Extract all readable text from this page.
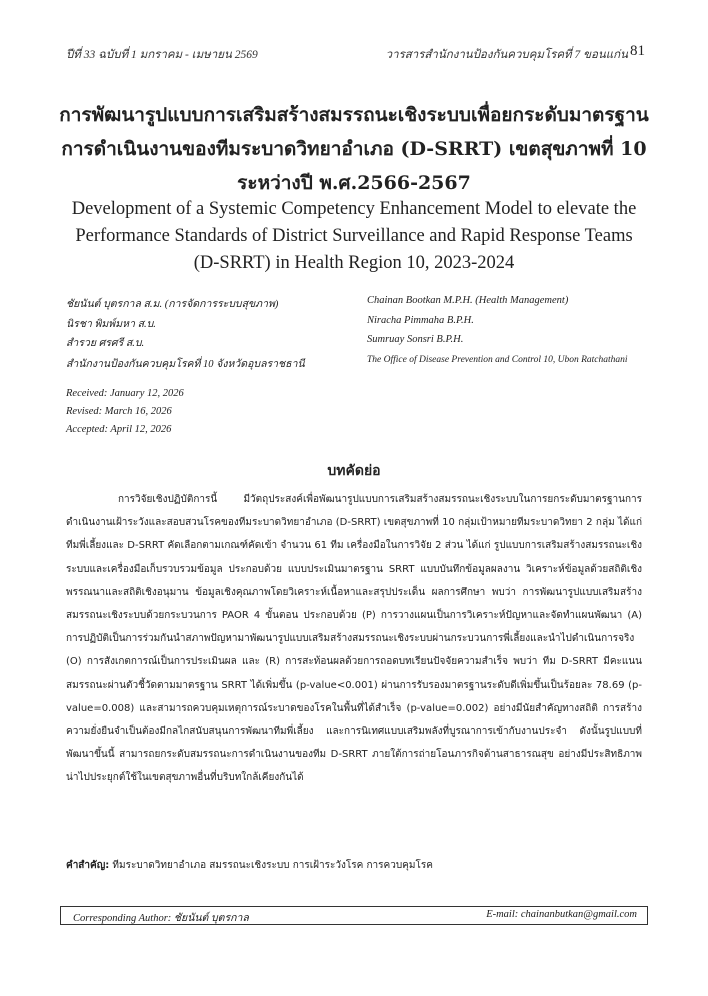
ปีที่ 33 ฉบับที่ 1 มกราคม - เมษายน 2569	วารสารสำนักงานป้องกันควบคุมโรคที่ 7 ขอนแก่น 81
การพัฒนารูปแบบการเสริมสร้างสมรรถนะเชิงระบบเพื่อยกระดับมาตรฐาน
การดำเนินงานของทีมระบาดวิทยาอำเภอ (D-SRRT) เขตสุขภาพที่ 10
ระหว่างปี พ.ศ.2566-2567
Development of a Systemic Competency Enhancement Model to elevate the
Performance Standards of District Surveillance and Rapid Response Teams
(D-SRRT) in Health Region 10, 2023-2024
ชัยนันต์ บุตรกาล ส.ม. (การจัดการระบบสุขภาพ)
นิรชา พิมพ์มหา ส.บ.
สำรวย ศรศรี ส.บ.
Chainan Bootkan M.P.H. (Health Management)
Niracha Pimmaha B.P.H.
Sumruay Sonsri B.P.H.
สำนักงานป้องกันควบคุมโรคที่ 10 จังหวัดอุบลราชธานี	The Office of Disease Prevention and Control 10, Ubon Ratchathani
Received: January 12, 2026
Revised: March 16, 2026
Accepted: April 12, 2026
บทคัดย่อ

การวิจัยเชิงปฏิบัติการนี้ มีวัตถุประสงค์เพื่อพัฒนารูปแบบการเสริมสร้างสมรรถนะเชิงระบบในการยกระดับมาตรฐานการดำเนินงานเฝ้าระวังและสอบสวนโรคของทีมระบาดวิทยาอำเภอ (D-SRRT) เขตสุขภาพที่ 10 กลุ่มเป้าหมายทีมระบาดวิทยา 2 กลุ่ม ได้แก่ ทีมพี่เลี้ยงและ D-SRRT คัดเลือกตามเกณฑ์คัดเข้า จำนวน 61 ทีม เครื่องมือในการวิจัย 2 ส่วน ได้แก่ รูปแบบการเสริมสร้างสมรรถนะเชิงระบบและเครื่องมือเก็บรวบรวมข้อมูล ประกอบด้วย แบบประเมินมาตรฐาน SRRT แบบบันทึกข้อมูลผลงาน วิเคราะห์ข้อมูลด้วยสถิติเชิงพรรณนาและสถิติเชิงอนุมาน ข้อมูลเชิงคุณภาพโดยวิเคราะห์เนื้อหาและสรุปประเด็น ผลการศึกษา พบว่า การพัฒนารูปแบบเสริมสร้างสมรรถนะเชิงระบบด้วยกระบวนการ PAOR 4 ขั้นตอน ประกอบด้วย (P) การวางแผนเป็นการวิเคราะห์ปัญหาและจัดทำแผนพัฒนา (A) การปฏิบัติเป็นการร่วมกันนำสภาพปัญหามาพัฒนารูปแบบเสริมสร้างสมรรถนะเชิงระบบผ่านกระบวนการพี่เลี้ยงและนำไปดำเนินการจริง (O) การสังเกตการณ์เป็นการประเมินผล และ (R) การสะท้อนผลด้วยการถอดบทเรียนปัจจัยความสำเร็จ พบว่า ทีม D-SRRT มีคะแนนสมรรถนะผ่านตัวชี้วัดตามมาตรฐาน SRRT ได้เพิ่มขึ้น (p-value<0.001) ผ่านการรับรองมาตรฐานระดับดีเพิ่มขึ้นเป็นร้อยละ 78.69 (p-value=0.008) และสามารถควบคุมเหตุการณ์ระบาดของโรคในพื้นที่ได้สำเร็จ (p-value=0.002) อย่างมีนัยสำคัญทางสถิติ การสร้างความยั่งยืนจำเป็นต้องมีกลไกสนับสนุนการพัฒนาทีมพี่เลี้ยง และการนิเทศแบบเสริมพลังที่บูรณาการเข้ากับงานประจำ ดังนั้นรูปแบบที่พัฒนาขึ้นนี้ สามารถยกระดับสมรรถนะการดำเนินงานของทีม D-SRRT ภายใต้การถ่ายโอนภารกิจด้านสาธารณสุข อย่างมีประสิทธิภาพน่าไปประยุกต์ใช้ในเขตสุขภาพอื่นที่บริบทใกล้เคียงกันได้

คำสำคัญ: ทีมระบาดวิทยาอำเภอ สมรรถนะเชิงระบบ การเฝ้าระวังโรค การควบคุมโรค
Corresponding Author: ชัยนันต์ บุตรกาล	E-mail: chainanbutkan@gmail.com
